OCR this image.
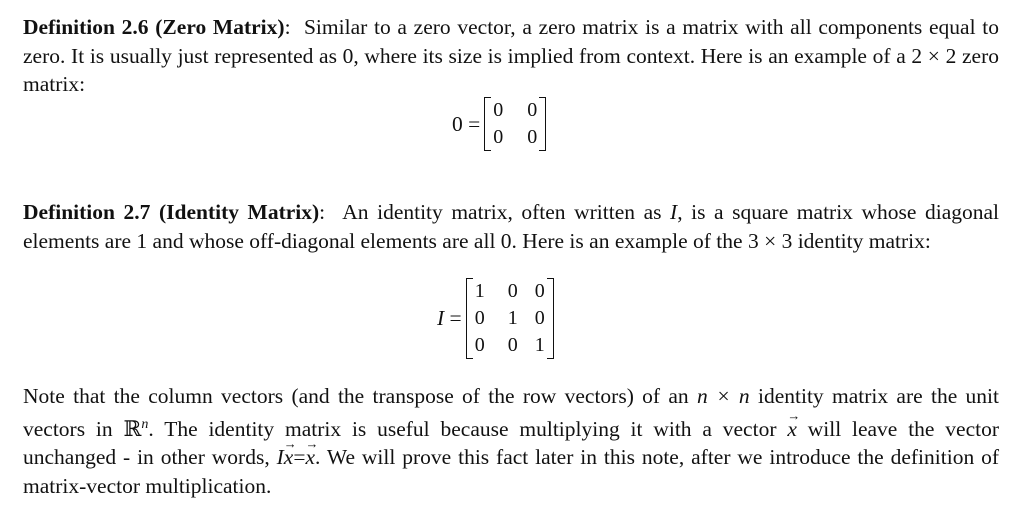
Definition 2.6 (Zero Matrix): Similar to a zero vector, a zero matrix is a matrix with all components equal to zero. It is usually just represented as 0, where its size is implied from context. Here is an example of a 2 × 2 zero matrix:

0 =
0	0
0	0

Definition 2.7 (Identity Matrix): An identity matrix, often written as I, is a square matrix whose diagonal elements are 1 and whose off-diagonal elements are all 0. Here is an example of the 3 × 3 identity matrix:

I =
1	0	0
0	1	0
0	0	1

Note that the column vectors (and the transpose of the row vectors) of an n × n identity matrix are the unit vectors in ℝ$^n$. The identity matrix is useful because multiplying it with a vector x → will leave the vector unchanged - in other words, Ix →=x →. We will prove this fact later in this note, after we introduce the definition of matrix-vector multiplication.
